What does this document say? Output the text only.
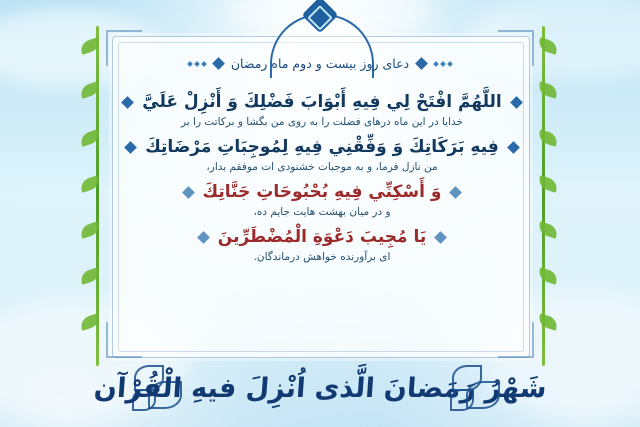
دعای روز بیست و دوم ماه رمضان
اللَّهُمَّ افْتَحْ لِي فِيهِ أَبْوَابَ فَضْلِكَ وَ أَنْزِلْ عَلَيَّ
خدایا در این ماه درهای فضلت را به روی من بگشا و برکاتت را بر
فِيهِ بَرَكَاتِكَ وَ وَفِّقْنِي فِيهِ لِمُوجِبَاتِ مَرْضَاتِكَ
من نازل فرما، و به موجبات خشنودی ات موفقم بدار،
وَ أَسْكِنِّي فِيهِ بُحْبُوحَاتِ جَنَّاتِكَ
و در میان بهشت هایت جایم ده،
يَا مُجِيبَ دَعْوَةِ الْمُضْطَرِّينَ
ای برآورنده خواهش درماندگان.
شَهْرُ رَمَضانَ الَّذی اُنْزِلَ فیهِ الْقُرْآن
